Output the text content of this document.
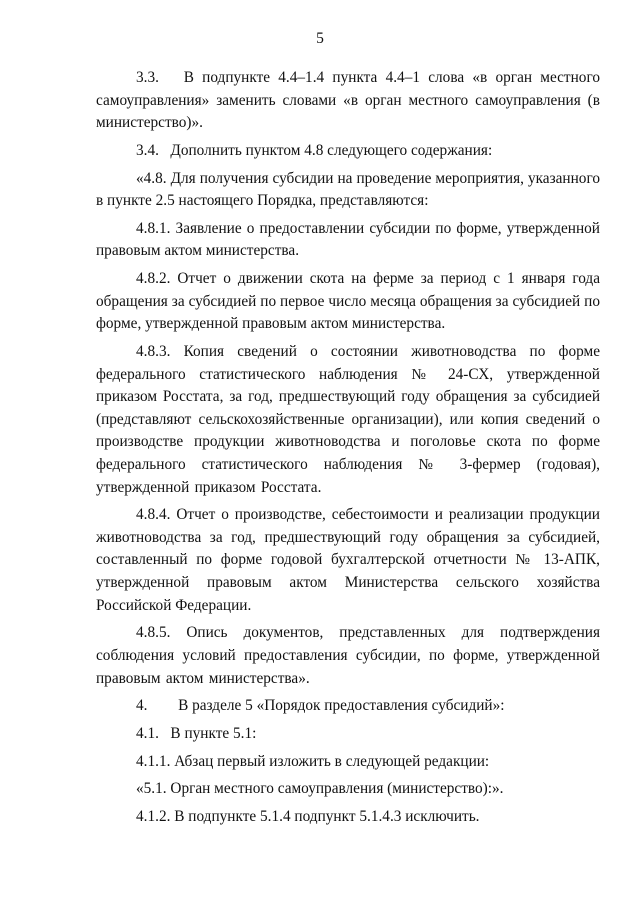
5

3.3.   В подпункте 4.4–1.4 пункта 4.4–1 слова «в орган местного самоуправления» заменить словами «в орган местного самоуправления (в министерство)».

3.4.   Дополнить пунктом 4.8 следующего содержания:

«4.8. Для получения субсидии на проведение мероприятия, указанного в пункте 2.5 настоящего Порядка, представляются:

4.8.1. Заявление о предоставлении субсидии по форме, утвержденной правовым актом министерства.

4.8.2. Отчет о движении скота на ферме за период с 1 января года обращения за субсидией по первое число месяца обращения за субсидией по форме, утвержденной правовым актом министерства.

4.8.3. Копия сведений о состоянии животноводства по форме федерального статистического наблюдения № 24-СХ, утвержденной приказом Росстата, за год, предшествующий году обращения за субсидией (представляют сельскохозяйственные организации), или копия сведений о производстве продукции животноводства и поголовье скота по форме федерального статистического наблюдения № 3-фермер (годовая), утвержденной приказом Росстата.

4.8.4. Отчет о производстве, себестоимости и реализации продукции животноводства за год, предшествующий году обращения за субсидией, составленный по форме годовой бухгалтерской отчетности № 13-АПК, утвержденной правовым актом Министерства сельского хозяйства Российской Федерации.

4.8.5. Опись документов, представленных для подтверждения соблюдения условий предоставления субсидии, по форме, утвержденной правовым актом министерства».

4.        В разделе 5 «Порядок предоставления субсидий»:

4.1.   В пункте 5.1:

4.1.1. Абзац первый изложить в следующей редакции:

«5.1. Орган местного самоуправления (министерство):».

4.1.2. В подпункте 5.1.4 подпункт 5.1.4.3 исключить.
